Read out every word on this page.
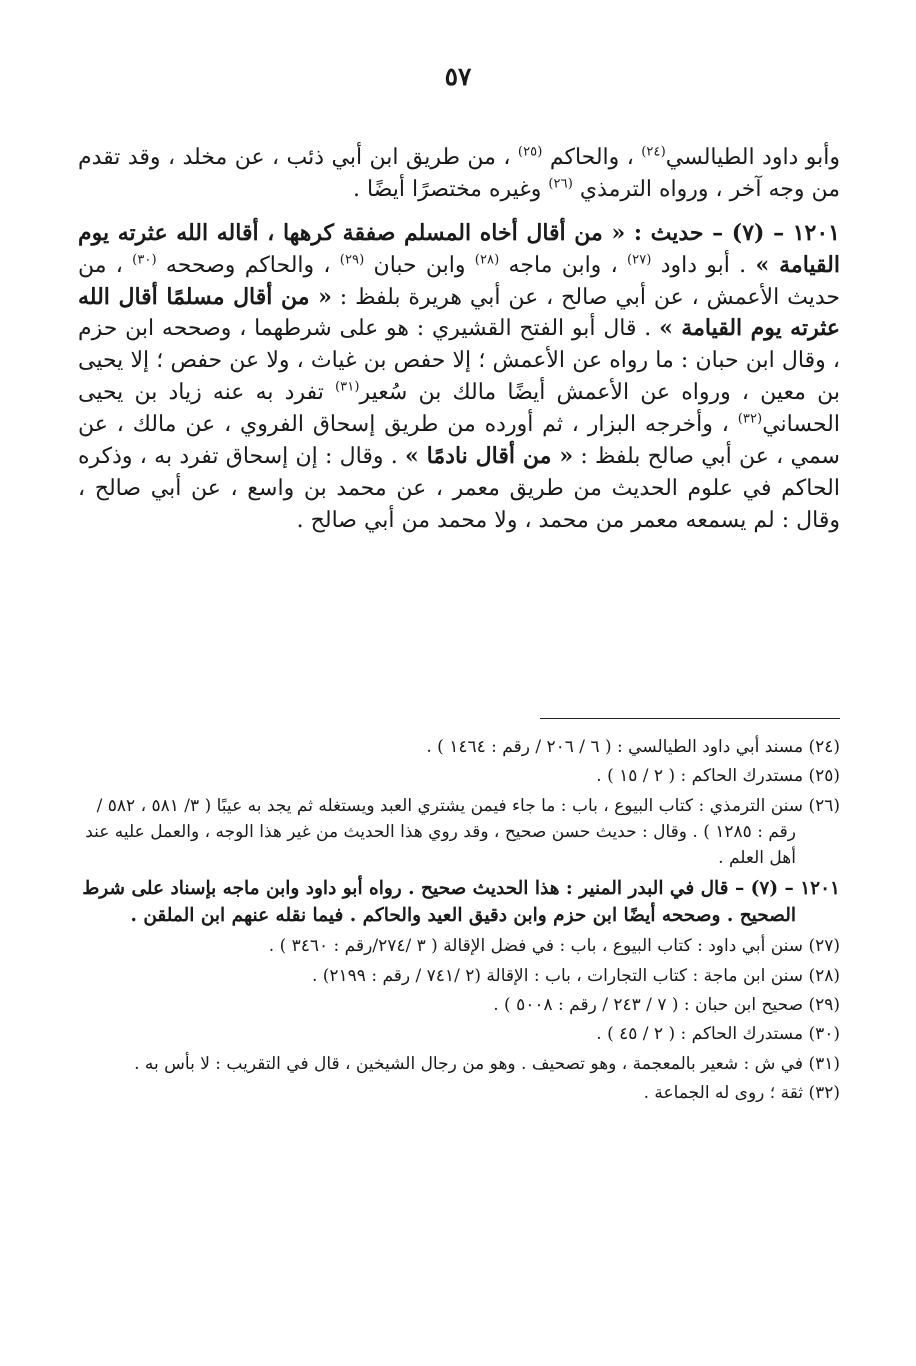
٥٧

وأبو داود الطيالسي$^{(٢٤)}$ ، والحاكم $^{(٢٥)}$ ، من طريق ابن أبي ذئب ، عن مخلد ، وقد تقدم من وجه آخر ، ورواه الترمذي $^{(٢٦)}$ وغيره مختصرًا أيضًا .

١٢٠١ – (٧) – حديث : « من أقال أخاه المسلم صفقة كرهها ، أقاله الله عثرته يوم القيامة » . أبو داود $^{(٢٧)}$ ، وابن ماجه $^{(٢٨)}$ وابن حبان $^{(٢٩)}$ ، والحاكم وصححه $^{(٣٠)}$ ، من حديث الأعمش ، عن أبي صالح ، عن أبي هريرة بلفظ : « من أقال مسلمًا أقال الله عثرته يوم القيامة » . قال أبو الفتح القشيري : هو على شرطهما ، وصححه ابن حزم ، وقال ابن حبان : ما رواه عن الأعمش ؛ إلا حفص بن غياث ، ولا عن حفص ؛ إلا يحيى بن معين ، ورواه عن الأعمش أيضًا مالك بن سُعير$^{(٣١)}$ تفرد به عنه زياد بن يحيى الحساني$^{(٣٢)}$ ، وأخرجه البزار ، ثم أورده من طريق إسحاق الفروي ، عن مالك ، عن سمي ، عن أبي صالح بلفظ : « من أقال نادمًا » . وقال : إن إسحاق تفرد به ، وذكره الحاكم في علوم الحديث من طريق معمر ، عن محمد بن واسع ، عن أبي صالح ، وقال : لم يسمعه معمر من محمد ، ولا محمد من أبي صالح .

(٢٤) مسند أبي داود الطيالسي : ( ٦ / ٢٠٦ / رقم : ١٤٦٤ ) .
(٢٥) مستدرك الحاكم : ( ٢ / ١٥ ) .
(٢٦) سنن الترمذي : كتاب البيوع ، باب : ما جاء فيمن يشتري العبد ويستغله ثم يجد به عيبًا ( ٣/ ٥٨١ ، ٥٨٢ / رقم : ١٢٨٥ ) . وقال : حديث حسن صحيح ، وقد روي هذا الحديث من غير هذا الوجه ، والعمل عليه عند أهل العلم .
١٢٠١ – (٧) – قال في البدر المنير : هذا الحديث صحيح . رواه أبو داود وابن ماجه بإسناد على شرط الصحيح . وصححه أيضًا ابن حزم وابن دقيق العيد والحاكم . فيما نقله عنهم ابن الملقن .
(٢٧) سنن أبي داود : كتاب البيوع ، باب : في فضل الإقالة ( ٣ /٢٧٤/رقم : ٣٤٦٠ ) .
(٢٨) سنن ابن ماجة : كتاب التجارات ، باب : الإقالة (٢ /٧٤١ / رقم : ٢١٩٩) .
(٢٩) صحيح ابن حبان : ( ٧ / ٢٤٣ / رقم : ٥٠٠٨ ) .
(٣٠) مستدرك الحاكم : ( ٢ / ٤٥ ) .
(٣١) في ش : شعير بالمعجمة ، وهو تصحيف . وهو من رجال الشيخين ، قال في التقريب : لا بأس به .
(٣٢) ثقة ؛ روى له الجماعة .
